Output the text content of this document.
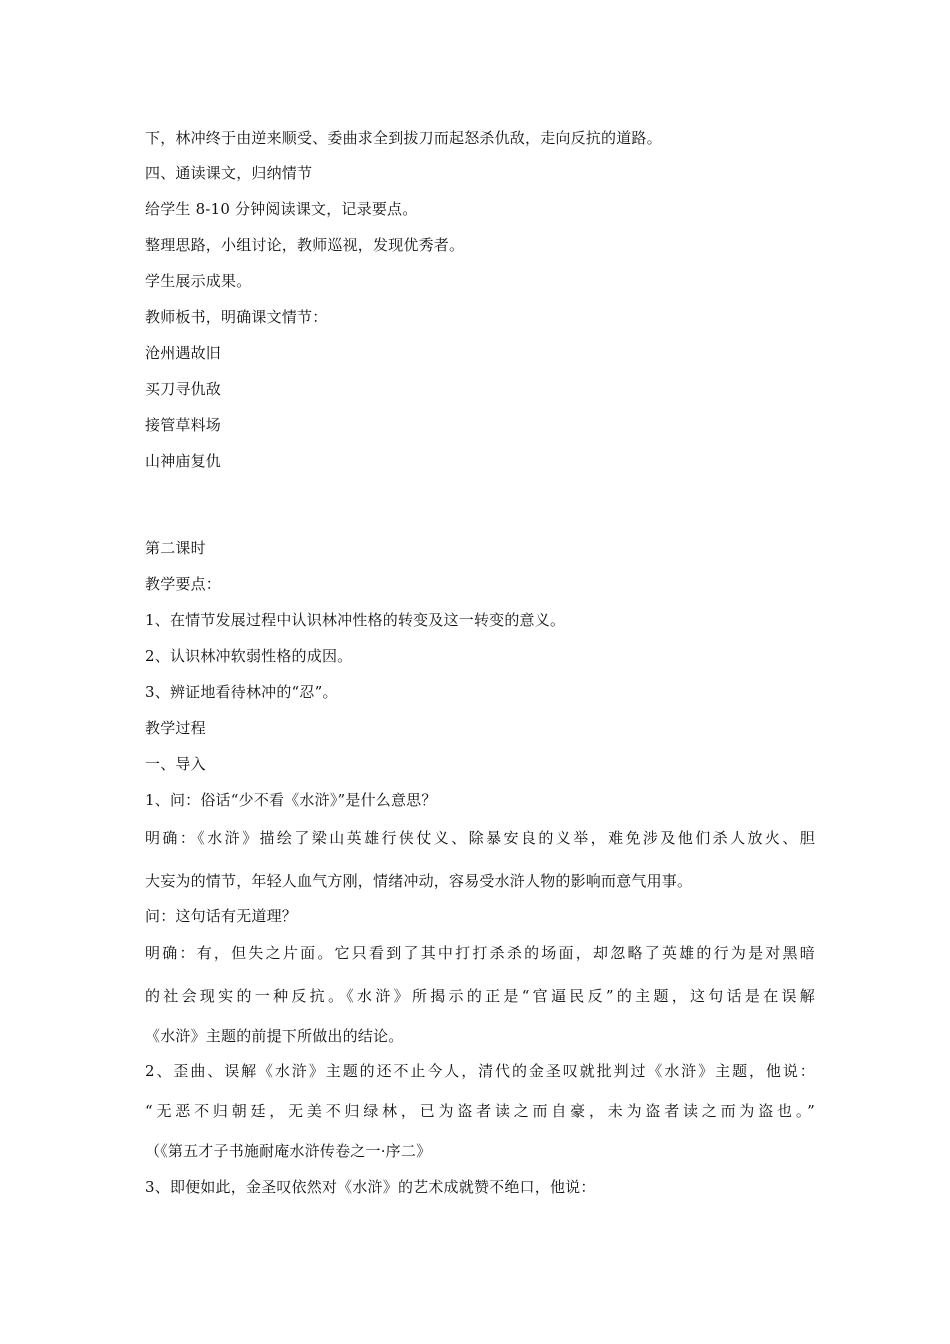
下，林冲终于由逆来顺受、委曲求全到拔刀而起怒杀仇敌，走向反抗的道路。
四、通读课文，归纳情节
给学生 8-10 分钟阅读课文，记录要点。
整理思路，小组讨论，教师巡视，发现优秀者。
学生展示成果。
教师板书，明确课文情节：
沧州遇故旧
买刀寻仇敌
接管草料场
山神庙复仇
第二课时
教学要点：
1、在情节发展过程中认识林冲性格的转变及这一转变的意义。
2、认识林冲软弱性格的成因。
3、辨证地看待林冲的“忍”。
教学过程
一、导入
1、问：俗话“少不看《水浒》”是什么意思？
明确：《水浒》描绘了梁山英雄行侠仗义、除暴安良的义举，难免涉及他们杀人放火、胆
大妄为的情节，年轻人血气方刚，情绪冲动，容易受水浒人物的影响而意气用事。
问：这句话有无道理？
明确：有，但失之片面。它只看到了其中打打杀杀的场面，却忽略了英雄的行为是对黑暗
的社会现实的一种反抗。《水浒》所揭示的正是“官逼民反”的主题，这句话是在误解
《水浒》主题的前提下所做出的结论。
2、歪曲、误解《水浒》主题的还不止今人，清代的金圣叹就批判过《水浒》主题，他说：
“无恶不归朝廷，无美不归绿林，已为盗者读之而自豪，未为盗者读之而为盗也。”
（《第五才子书施耐庵水浒传卷之一·序二》
3、即便如此，金圣叹依然对《水浒》的艺术成就赞不绝口，他说：
